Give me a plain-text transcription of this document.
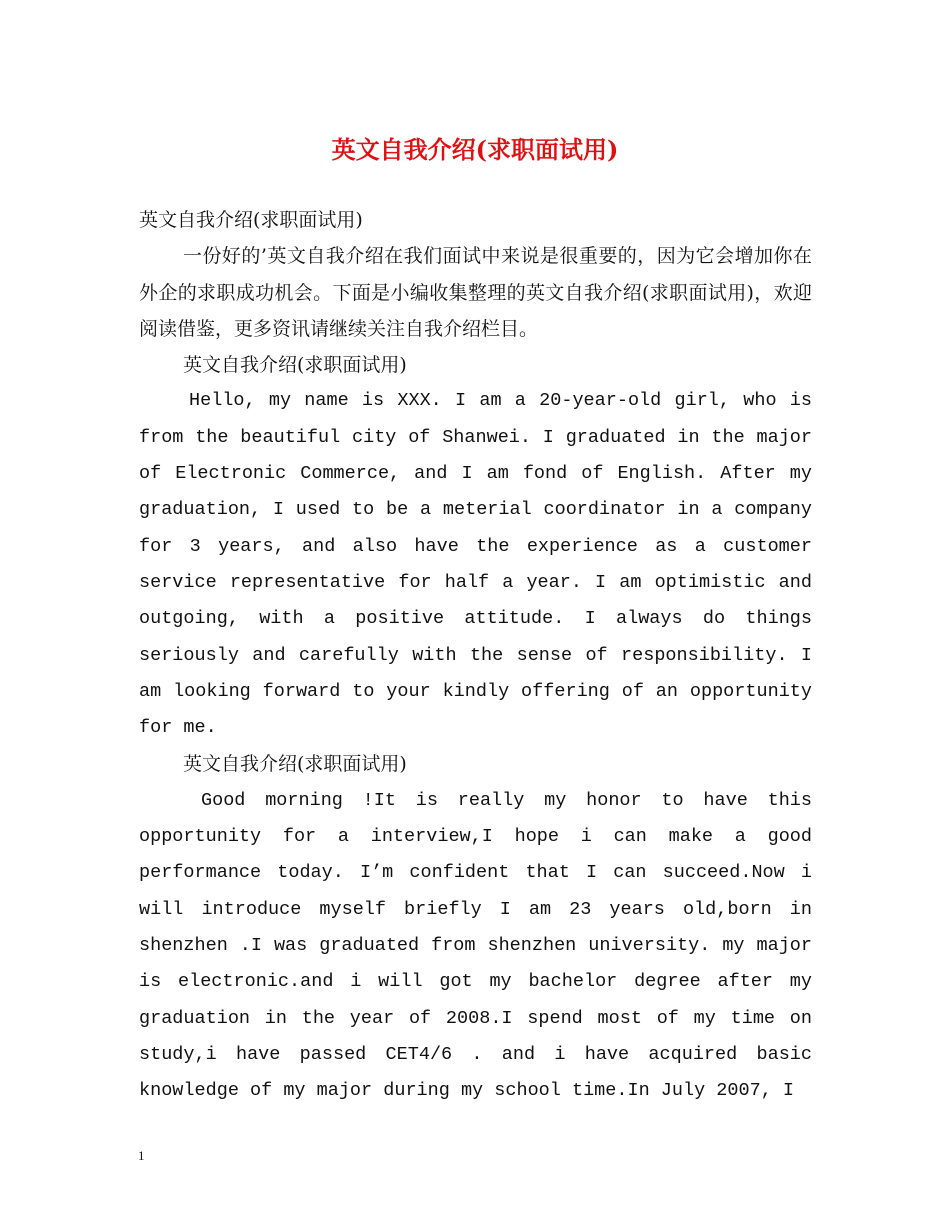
英文自我介绍(求职面试用)

英文自我介绍(求职面试用)

一份好的’英文自我介绍在我们面试中来说是很重要的，因为它会增加你在外企的求职成功机会。下面是小编收集整理的英文自我介绍(求职面试用)，欢迎阅读借鉴，更多资讯请继续关注自我介绍栏目。

英文自我介绍(求职面试用)

Hello, my name is XXX. I am a 20-year-old girl, who is from the beautiful city of Shanwei. I graduated in the major of Electronic Commerce, and I am fond of English. After my graduation, I used to be a meterial coordinator in a company for 3 years, and also have the experience as a customer service representative for half a year. I am optimistic and outgoing, with a positive attitude. I always do things seriously and carefully with the sense of responsibility. I am looking forward to your kindly offering of an opportunity for me.

英文自我介绍(求职面试用)

Good morning !It is really my honor to have this opportunity for a interview,I hope i can make a good performance today. I’m confident that I can succeed.Now i will introduce myself briefly I am 23 years old,born in shenzhen .I was graduated from shenzhen university. my major is electronic.and i will got my bachelor degree after my graduation in the year of 2008.I spend most of my time on study,i have passed CET4/6 . and i have acquired basic knowledge of my major during my school time.In July 2007, I

1
